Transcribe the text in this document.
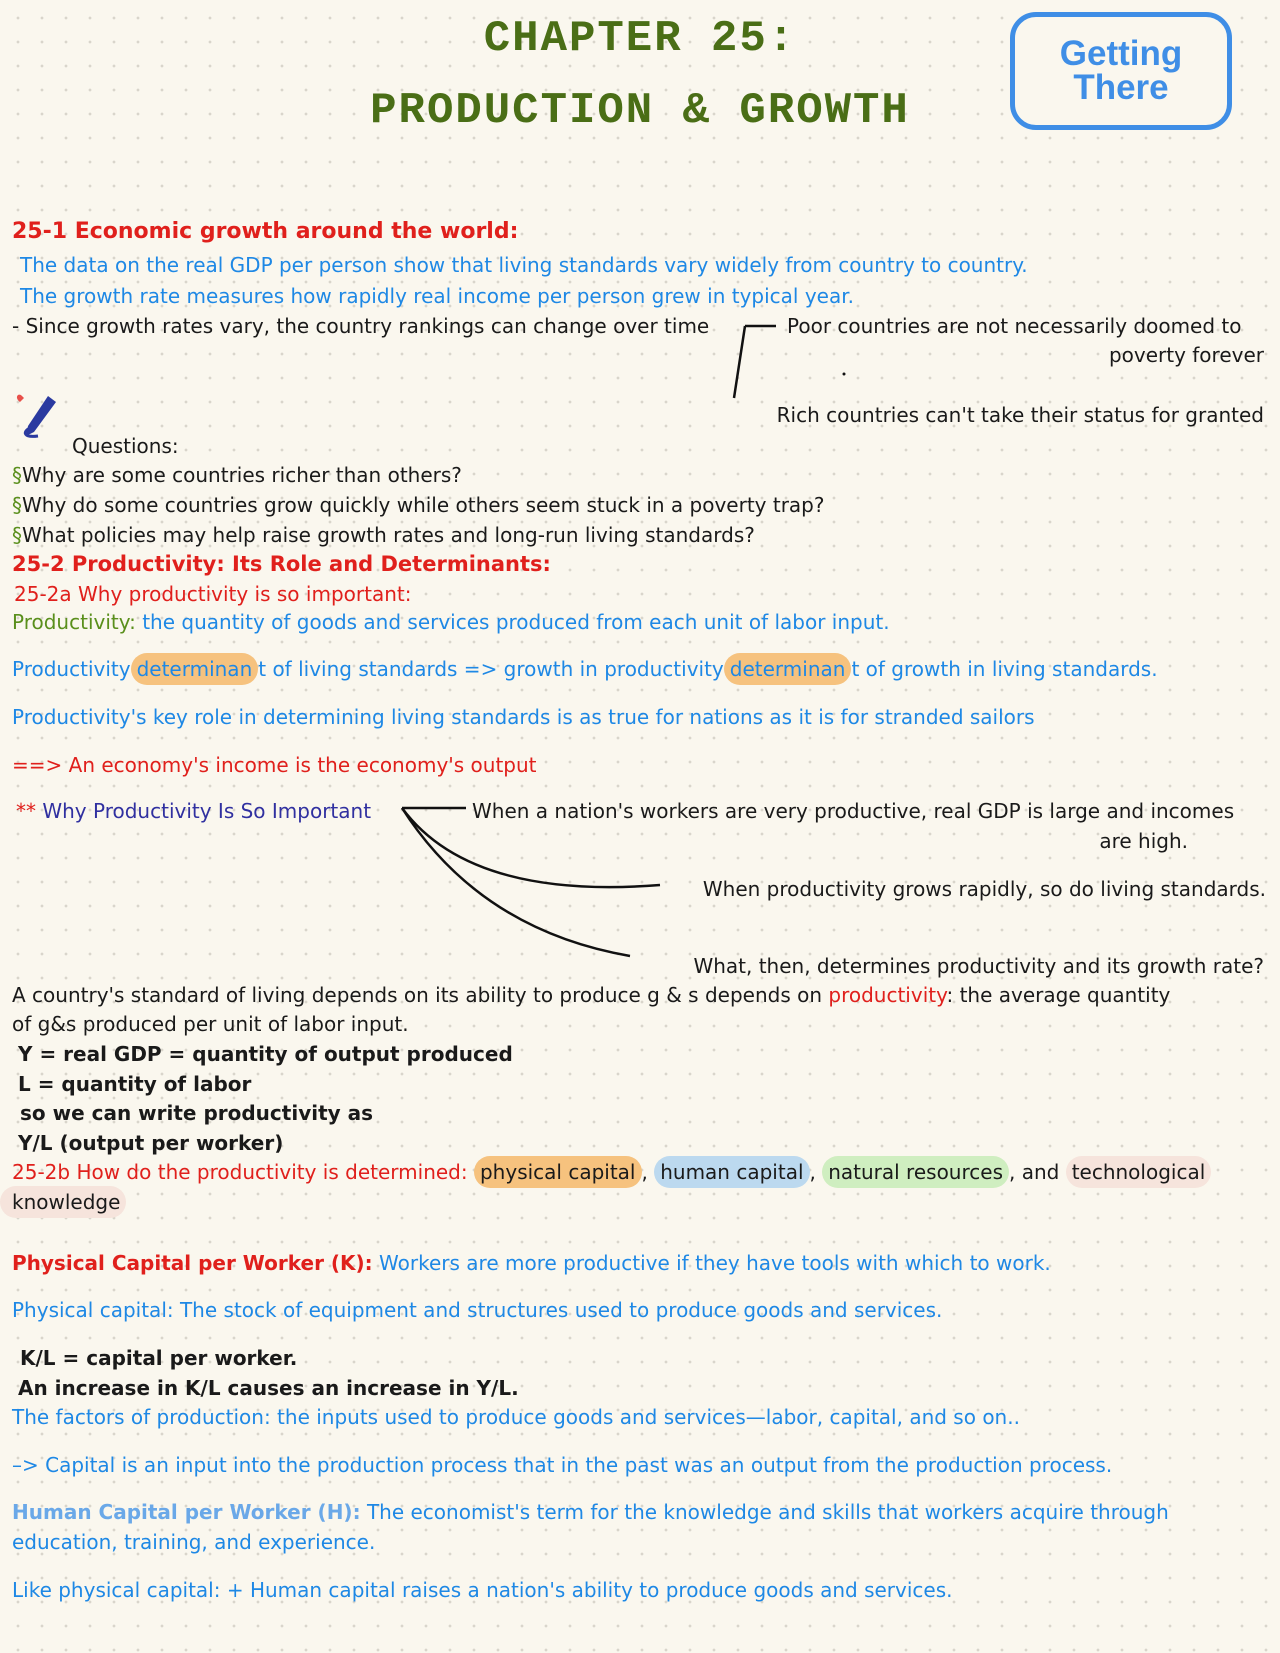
CHAPTER 25:
PRODUCTION & GROWTH
Getting
There
25-1 Economic growth around the world:
The data on the real GDP per person show that living standards vary widely from country to country.
The growth rate measures how rapidly real income per person grew in typical year.
- Since growth rates vary, the country rankings can change over time	Poor countries are not necessarily doomed to
poverty forever
Rich countries can't take their status for granted
Questions:
§Why are some countries richer than others?
§Why do some countries grow quickly while others seem stuck in a poverty trap?
§What policies may help raise growth rates and long-run living standards?
25-2 Productivity: Its Role and Determinants:
25-2a Why productivity is so important:
Productivity: the quantity of goods and services produced from each unit of labor input.
Productivity determinan t of living standards => growth in productivity determinan t of growth in living standards.
Productivity's key role in determining living standards is as true for nations as it is for stranded sailors
==> An economy's income is the economy's output
** Why Productivity Is So Important	When a nation's workers are very productive, real GDP is large and incomes
are high.
When productivity grows rapidly, so do living standards.
What, then, determines productivity and its growth rate?
A country's standard of living depends on its ability to produce g & s depends on productivity: the average quantity
of g&s produced per unit of labor input.
Y = real GDP = quantity of output produced
L = quantity of labor
so we can write productivity as
Y/L (output per worker)
25-2b How do the productivity is determined: physical capital , human capital , natural resources , and technological
knowledge
Physical Capital per Worker (K): Workers are more productive if they have tools with which to work.
Physical capital: The stock of equipment and structures used to produce goods and services.
K/L = capital per worker.
An increase in K/L causes an increase in Y/L.
The factors of production: the inputs used to produce goods and services—labor, capital, and so on..
–> Capital is an input into the production process that in the past was an output from the production process.
Human Capital per Worker (H): The economist's term for the knowledge and skills that workers acquire through
education, training, and experience.
Like physical capital: + Human capital raises a nation's ability to produce goods and services.
